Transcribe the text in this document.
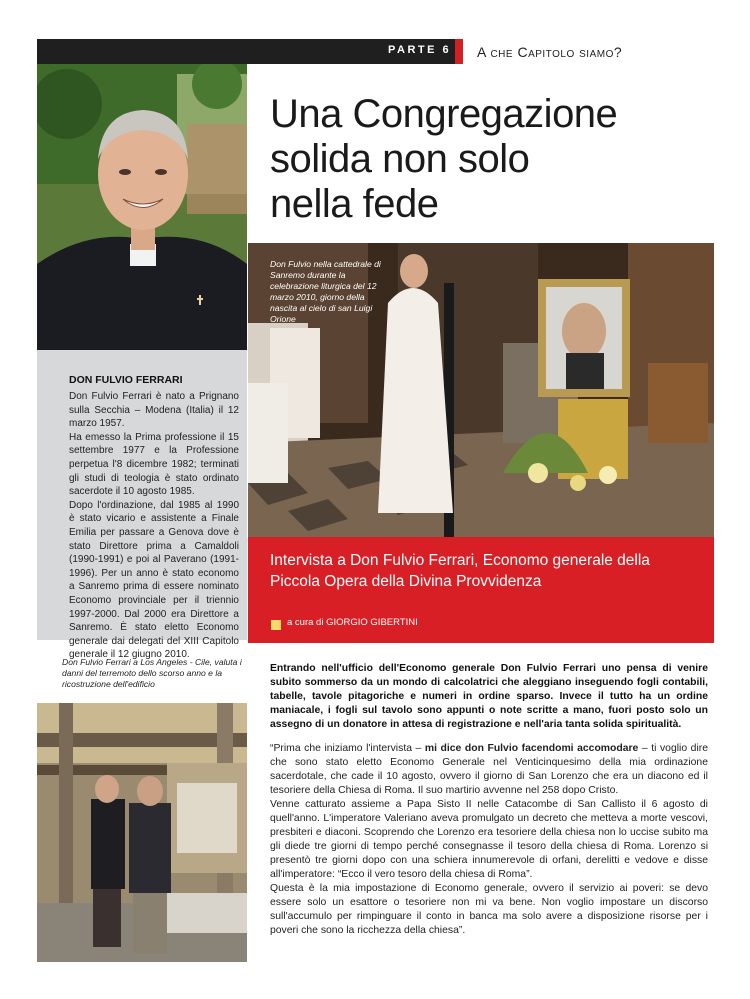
PARTE 6 A che Capitolo siamo?
DON FULVIO FERRARI

Don Fulvio Ferrari è nato a Prignano sulla Secchia – Modena (Italia) il 12 marzo 1957.

Ha emesso la Prima professione il 15 settembre 1977 e la Professione perpetua l'8 dicembre 1982; terminati gli studi di teologia è stato ordinato sacerdote il 10 agosto 1985.

Dopo l'ordinazione, dal 1985 al 1990 è stato vicario e assistente a Finale Emilia per passare a Genova dove è stato Direttore prima a Camaldoli (1990-1991) e poi al Paverano (1991-1996). Per un anno è stato economo a Sanremo prima di essere nominato Economo provinciale per il triennio 1997-2000. Dal 2000 era Direttore a Sanremo. È stato eletto Economo generale dai delegati del XIII Capitolo generale il 12 giugno 2010.

Una Congregazione
solida non solo
nella fede
Don Fulvio nella cattedrale di Sanremo durante la celebrazione liturgica del 12 marzo 2010, giorno della nascita al cielo di san Luigi Orione
Intervista a Don Fulvio Ferrari, Economo generale della Piccola Opera della Divina Provvidenza
a cura di GIORGIO GIBERTINI
Don Fulvio Ferrari a Los Angeles - Cile, valuta i danni del terremoto dello scorso anno e la ricostruzione dell'edificio
Entrando nell'ufficio dell'Economo generale Don Fulvio Ferrari uno pensa di venire subito sommerso da un mondo di calcolatrici che aleggiano inseguendo fogli contabili, tabelle, tavole pitagoriche e numeri in ordine sparso. Invece il tutto ha un ordine maniacale, i fogli sul tavolo sono appunti o note scritte a mano, fuori posto solo un assegno di un donatore in attesa di registrazione e nell'aria tanta solida spiritualità.

“Prima che iniziamo l'intervista – mi dice don Fulvio facendomi accomodare – ti voglio dire che sono stato eletto Economo Generale nel Venticinquesimo della mia ordinazione sacerdotale, che cade il 10 agosto, ovvero il giorno di San Lorenzo che era un diacono ed il tesoriere della Chiesa di Roma. Il suo martirio avvenne nel 258 dopo Cristo.

Venne catturato assieme a Papa Sisto II nelle Catacombe di San Callisto il 6 agosto di quell'anno. L'imperatore Valeriano aveva promulgato un decreto che metteva a morte vescovi, presbiteri e diaconi. Scoprendo che Lorenzo era tesoriere della chiesa non lo uccise subito ma gli diede tre giorni di tempo perché consegnasse il tesoro della chiesa di Roma. Lorenzo si presentò tre giorni dopo con una schiera innumerevole di orfani, derelitti e vedove e disse all'imperatore: “Ecco il vero tesoro della chiesa di Roma”.

Questa è la mia impostazione di Economo generale, ovvero il servizio ai poveri: se devo essere solo un esattore o tesoriere non mi va bene. Non voglio impostare un discorso sull'accumulo per rimpinguare il conto in banca ma solo avere a disposizione risorse per i poveri che sono la ricchezza della chiesa”.
